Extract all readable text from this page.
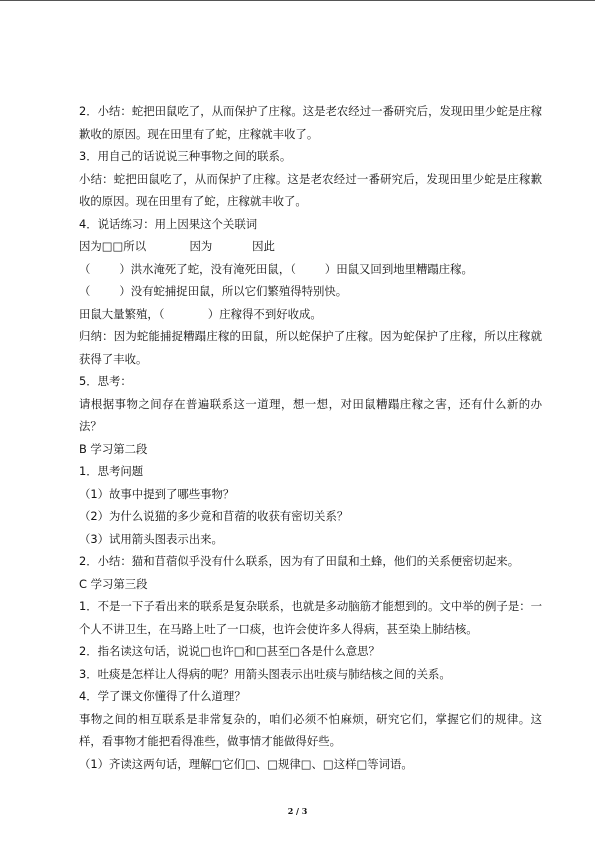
2．小结：蛇把田鼠吃了，从而保护了庄稼。这是老农经过一番研究后，发现田里少蛇是庄稼歉收的原因。现在田里有了蛇，庄稼就丰收了。

3．用自己的话说说三种事物之间的联系。

小结：蛇把田鼠吃了，从而保护了庄稼。这是老农经过一番研究后，发现田里少蛇是庄稼歉收的原因。现在田里有了蛇，庄稼就丰收了。

4．说话练习：用上因果这个关联词

因为□□所以            因为           因此

（        ）洪水淹死了蛇，没有淹死田鼠，（        ）田鼠又回到地里糟蹋庄稼。

（        ）没有蛇捕捉田鼠，所以它们繁殖得特别快。

田鼠大量繁殖，（            ）庄稼得不到好收成。

归纳：因为蛇能捕捉糟蹋庄稼的田鼠，所以蛇保护了庄稼。因为蛇保护了庄稼，所以庄稼就获得了丰收。

5．思考：

请根据事物之间存在普遍联系这一道理，想一想，对田鼠糟蹋庄稼之害，还有什么新的办法？

B 学习第二段

1．思考问题

（1）故事中提到了哪些事物？

（2）为什么说猫的多少竟和苜蓿的收获有密切关系？

（3）试用箭头图表示出来。

2．小结：猫和苜蓿似乎没有什么联系，因为有了田鼠和土蜂，他们的关系便密切起来。

C 学习第三段

1．不是一下子看出来的联系是复杂联系，也就是多动脑筋才能想到的。文中举的例子是：一个人不讲卫生，在马路上吐了一口痰，也许会使许多人得病，甚至染上肺结核。

2．指名读这句话，说说□也许□和□甚至□各是什么意思？

3．吐痰是怎样让人得病的呢？用箭头图表示出吐痰与肺结核之间的关系。

4．学了课文你懂得了什么道理？

事物之间的相互联系是非常复杂的，咱们必须不怕麻烦，研究它们，掌握它们的规律。这样，看事物才能把看得准些，做事情才能做得好些。

（1）齐读这两句话，理解□它们□、□规律□、□这样□等词语。

2 / 3
